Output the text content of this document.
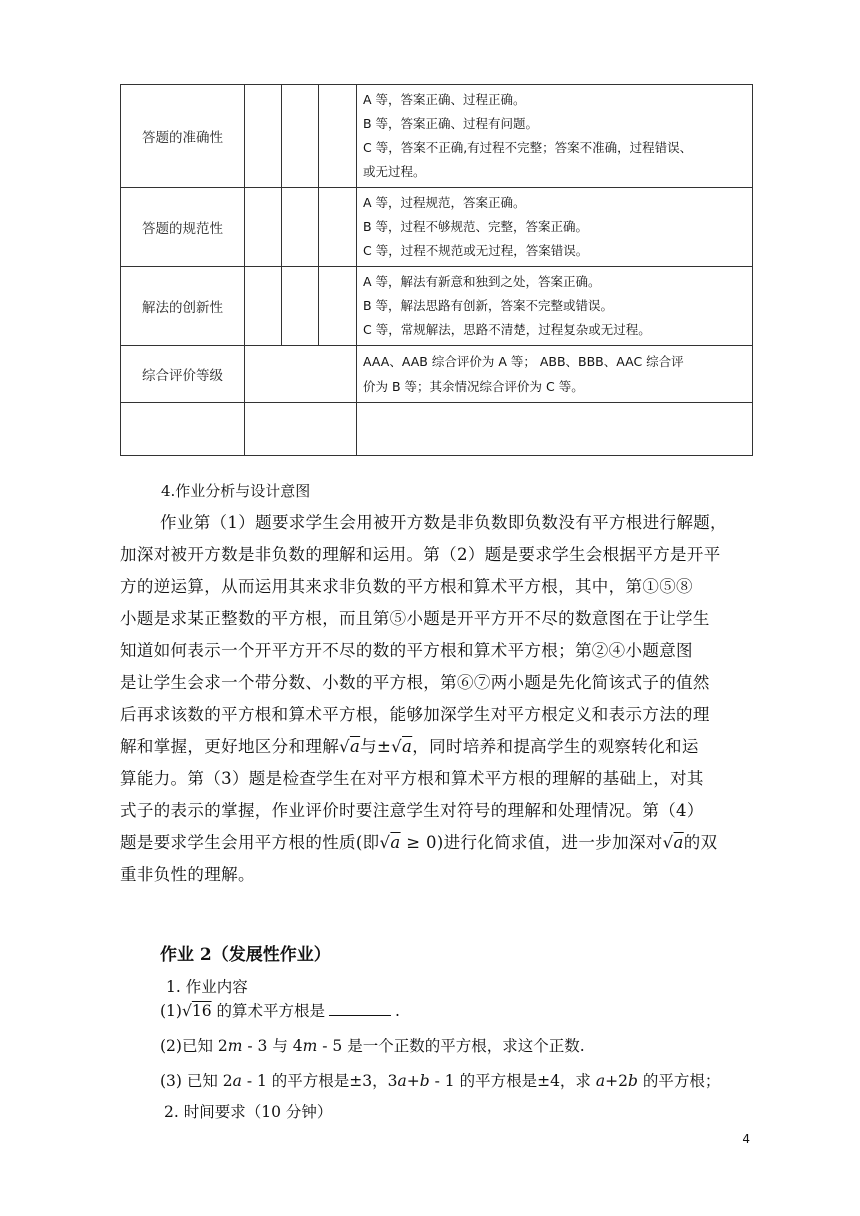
答题的准确性				A 等，答案正确、过程正确。
B 等，答案正确、过程有问题。
C 等，答案不正确,有过程不完整；答案不准确，过程错误、
或无过程。

答题的规范性				A 等，过程规范，答案正确。
B 等，过程不够规范、完整，答案正确。
C 等，过程不规范或无过程，答案错误。

解法的创新性				A 等，解法有新意和独到之处，答案正确。
B 等，解法思路有创新，答案不完整或错误。
C 等，常规解法，思路不清楚，过程复杂或无过程。

综合评价等级				AAA、AAB 综合评价为 A 等； ABB、BBB、AAC 综合评
价为 B 等；其余情况综合评价为 C 等。

4.作业分析与设计意图
作业第（1）题要求学生会用被开方数是非负数即负数没有平方根进行解题，
加深对被开方数是非负数的理解和运用。第（2）题是要求学生会根据平方是开平
方的逆运算，从而运用其来求非负数的平方根和算术平方根，其中，第①⑤⑧
小题是求某正整数的平方根，而且第⑤小题是开平方开不尽的数意图在于让学生
知道如何表示一个开平方开不尽的数的平方根和算术平方根；第②④小题意图
是让学生会求一个带分数、小数的平方根，第⑥⑦两小题是先化简该式子的值然
后再求该数的平方根和算术平方根，能够加深学生对平方根定义和表示方法的理
解和掌握，更好地区分和理解√a与±√a，同时培养和提高学生的观察转化和运
算能力。第（3）题是检查学生在对平方根和算术平方根的理解的基础上，对其
式子的表示的掌握，作业评价时要注意学生对符号的理解和处理情况。第（4）
题是要求学生会用平方根的性质(即√a ≥ 0)进行化简求值，进一步加深对√a的双
重非负性的理解。
作业 2（发展性作业）
1. 作业内容
(1)√16 的算术平方根是	.
(2)已知 2m - 3 与 4m - 5 是一个正数的平方根，求这个正数.
(3) 已知 2a - 1 的平方根是±3，3a+b - 1 的平方根是±4，求 a+2b 的平方根；
2. 时间要求（10 分钟）
4
